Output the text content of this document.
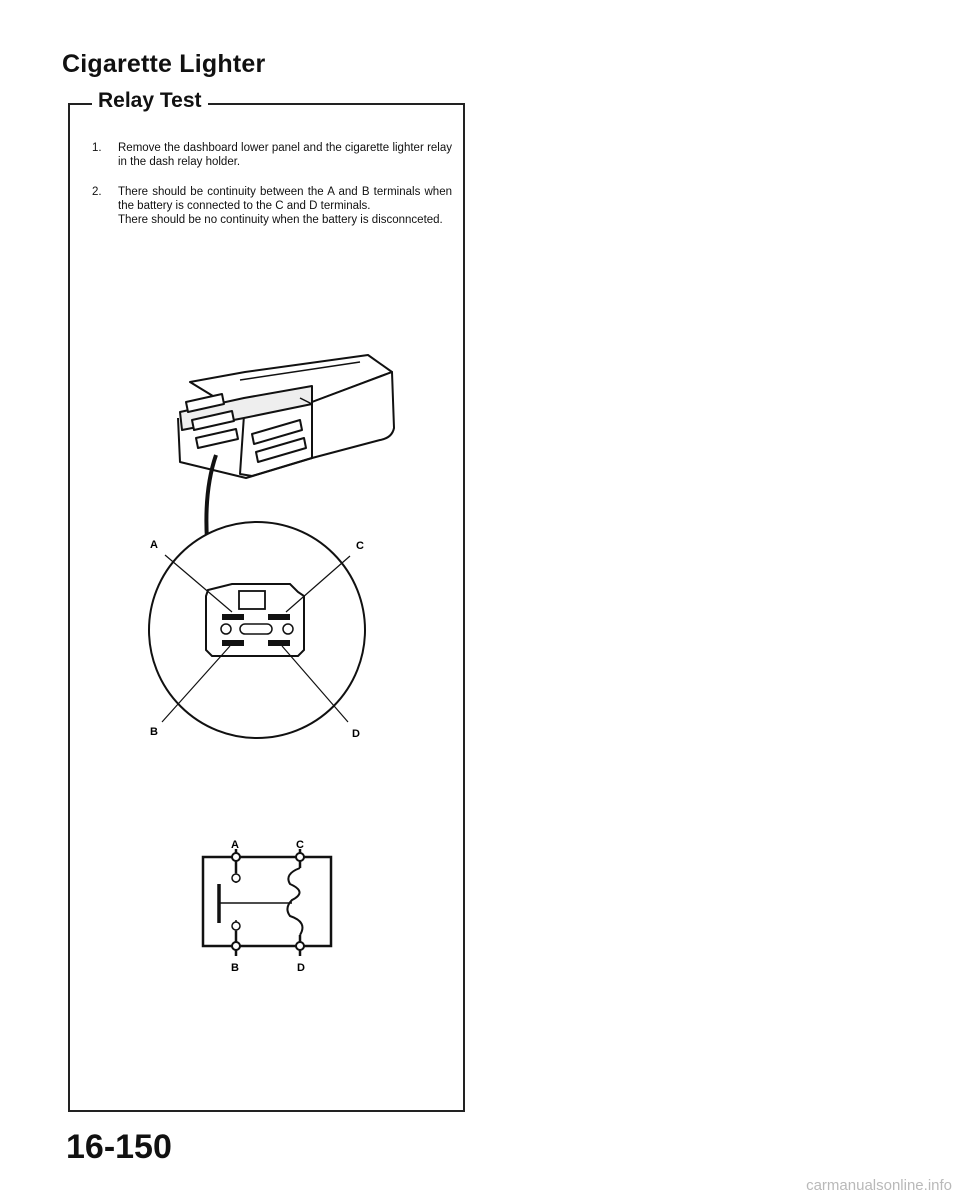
Cigarette Lighter
Relay Test
1. Remove the dashboard lower panel and the cigarette lighter relay in the dash relay holder.

2. There should be continuity between the A and B terminals when the battery is connected to the C and D terminals.

There should be no continuity when the battery is disconnceted.

A	C
B	D
A	C
B	D
16-150
carmanualsonline.info
